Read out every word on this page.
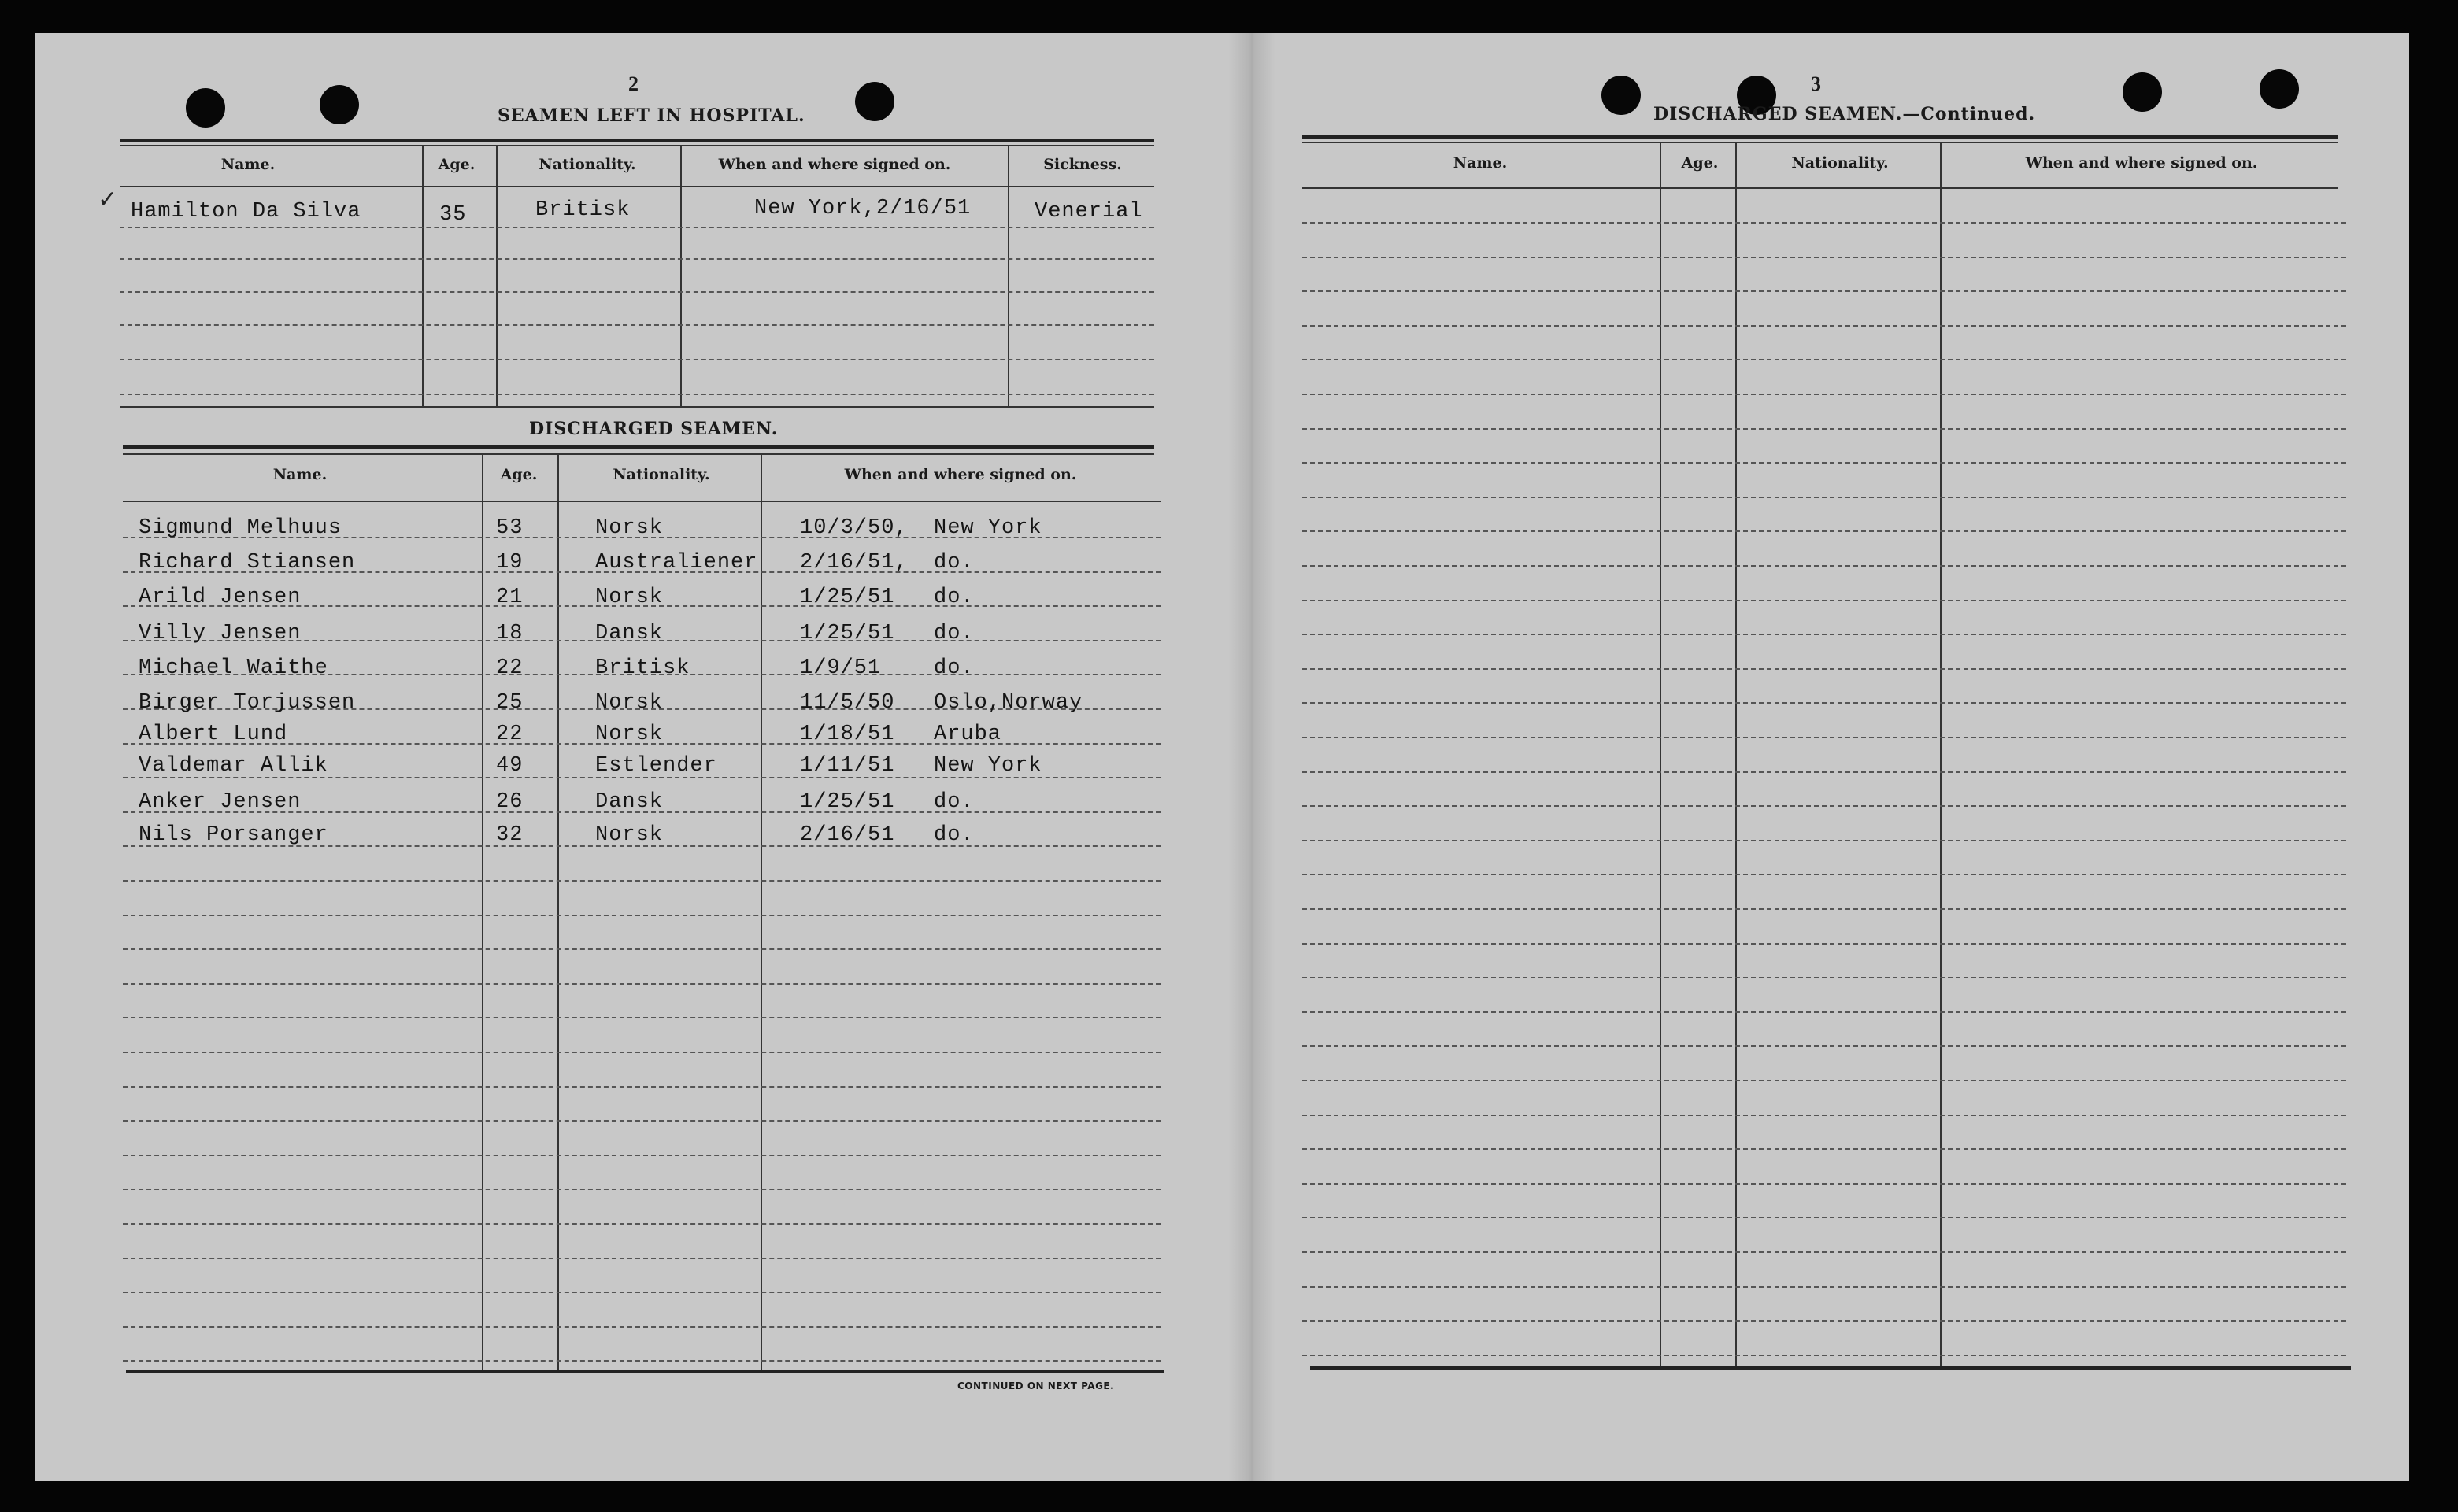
2
SEAMEN LEFT IN HOSPITAL.
Name.	Age.	Nationality.	When and where signed on.	Sickness.
Hamilton Da Silva	35	Britisk	New York,2/16/51	Venerial
✓
DISCHARGED SEAMEN.
Name.	Age.	Nationality.	When and where signed on.
Sigmund Melhuus	53	Norsk	10/3/50, New York
Richard Stiansen	19	Australiener 2/16/51, do.
Arild Jensen	21	Norsk	1/25/51 do.
Villy Jensen	18	Dansk	1/25/51 do.
Michael Waithe	22	Britisk	1/9/51 do.
Birger Torjussen	25	Norsk	11/5/50 Oslo,Norway
Albert Lund	22	Norsk	1/18/51 Aruba
Valdemar Allik	49	Estlender	1/11/51 New York
Anker Jensen	26	Dansk	1/25/51 do.
Nils Porsanger	32	Norsk	2/16/51 do.
CONTINUED ON NEXT PAGE.
3
DISCHARGED SEAMEN.—Continued.
Name.	Age.	Nationality.	When and where signed on.
